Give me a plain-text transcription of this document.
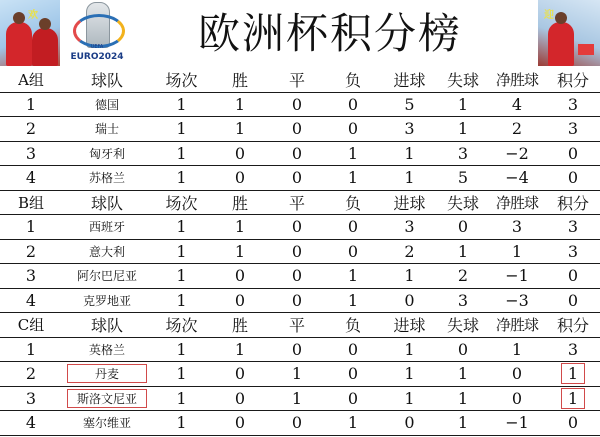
欢
UEFA
EURO2024	欧洲杯积分榜	迎
A组	球队	场次	胜	平	负	进球	失球	净胜球	积分
1	德国	1	1	0	0	5	1	4	3
2	瑞士	1	1	0	0	3	1	2	3
3	匈牙利	1	0	0	1	1	3	−2	0
4	苏格兰	1	0	0	1	1	5	−4	0
B组	球队	场次	胜	平	负	进球	失球	净胜球	积分
1	西班牙	1	1	0	0	3	0	3	3
2	意大利	1	1	0	0	2	1	1	3
3	阿尔巴尼亚	1	0	0	1	1	2	−1	0
4	克罗地亚	1	0	0	1	0	3	−3	0
C组	球队	场次	胜	平	负	进球	失球	净胜球	积分
1	英格兰	1	1	0	0	1	0	1	3
2	丹麦	1	0	1	0	1	1	0	1
3	斯洛文尼亚	1	0	1	0	1	1	0	1
4	塞尔维亚	1	0	0	1	0	1	−1	0
